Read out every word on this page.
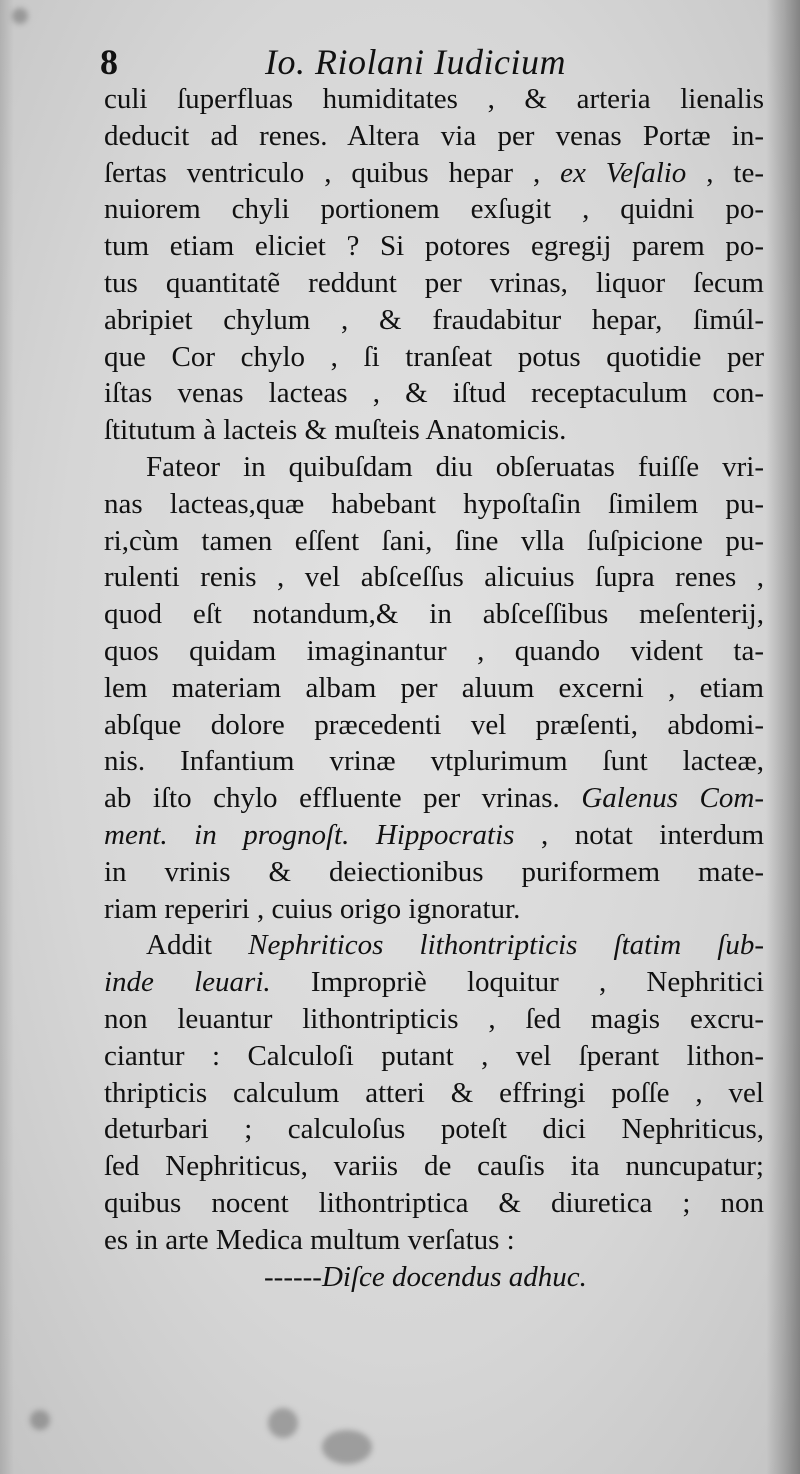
8	Io. Riolani Iudicium
culi ſuperfluas humiditates , & arteria lienalis
deducit ad renes. Altera via per venas Portæ in-
ſertas ventriculo , quibus hepar , ex Veſalio , te-
nuiorem chyli portionem exſugit , quidni po-
tum etiam eliciet ? Si potores egregij parem po-
tus quantitatẽ reddunt per vrinas, liquor ſecum
abripiet chylum , & fraudabitur hepar, ſimúl-
que Cor chylo , ſi tranſeat potus quotidie per
iſtas venas lacteas , & iſtud receptaculum con-
ſtitutum à lacteis & muſteis Anatomicis.
Fateor in quibuſdam diu obſeruatas fuiſſe vri-
nas lacteas,quæ habebant hypoſtaſin ſimilem pu-
ri,cùm tamen eſſent ſani, ſine vlla ſuſpicione pu-
rulenti renis , vel abſceſſus alicuius ſupra renes ,
quod eſt notandum,& in abſceſſibus meſenterij,
quos quidam imaginantur , quando vident ta-
lem materiam albam per aluum excerni , etiam
abſque dolore præcedenti vel præſenti, abdomi-
nis. Infantium vrinæ vtplurimum ſunt lacteæ,
ab iſto chylo effluente per vrinas. Galenus Com-
ment. in prognoſt. Hippocratis , notat interdum
in vrinis & deiectionibus puriformem mate-
riam reperiri , cuius origo ignoratur.
Addit Nephriticos lithontripticis ſtatim ſub-
inde leuari. Impropriè loquitur , Nephritici
non leuantur lithontripticis , ſed magis excru-
ciantur : Calculoſi putant , vel ſperant lithon-
thripticis calculum atteri & effringi poſſe , vel
deturbari ; calculoſus poteſt dici Nephriticus,
ſed Nephriticus, variis de cauſis ita nuncupatur;
quibus nocent lithontriptica & diuretica ; non
es in arte Medica multum verſatus :
------Diſce docendus adhuc.
